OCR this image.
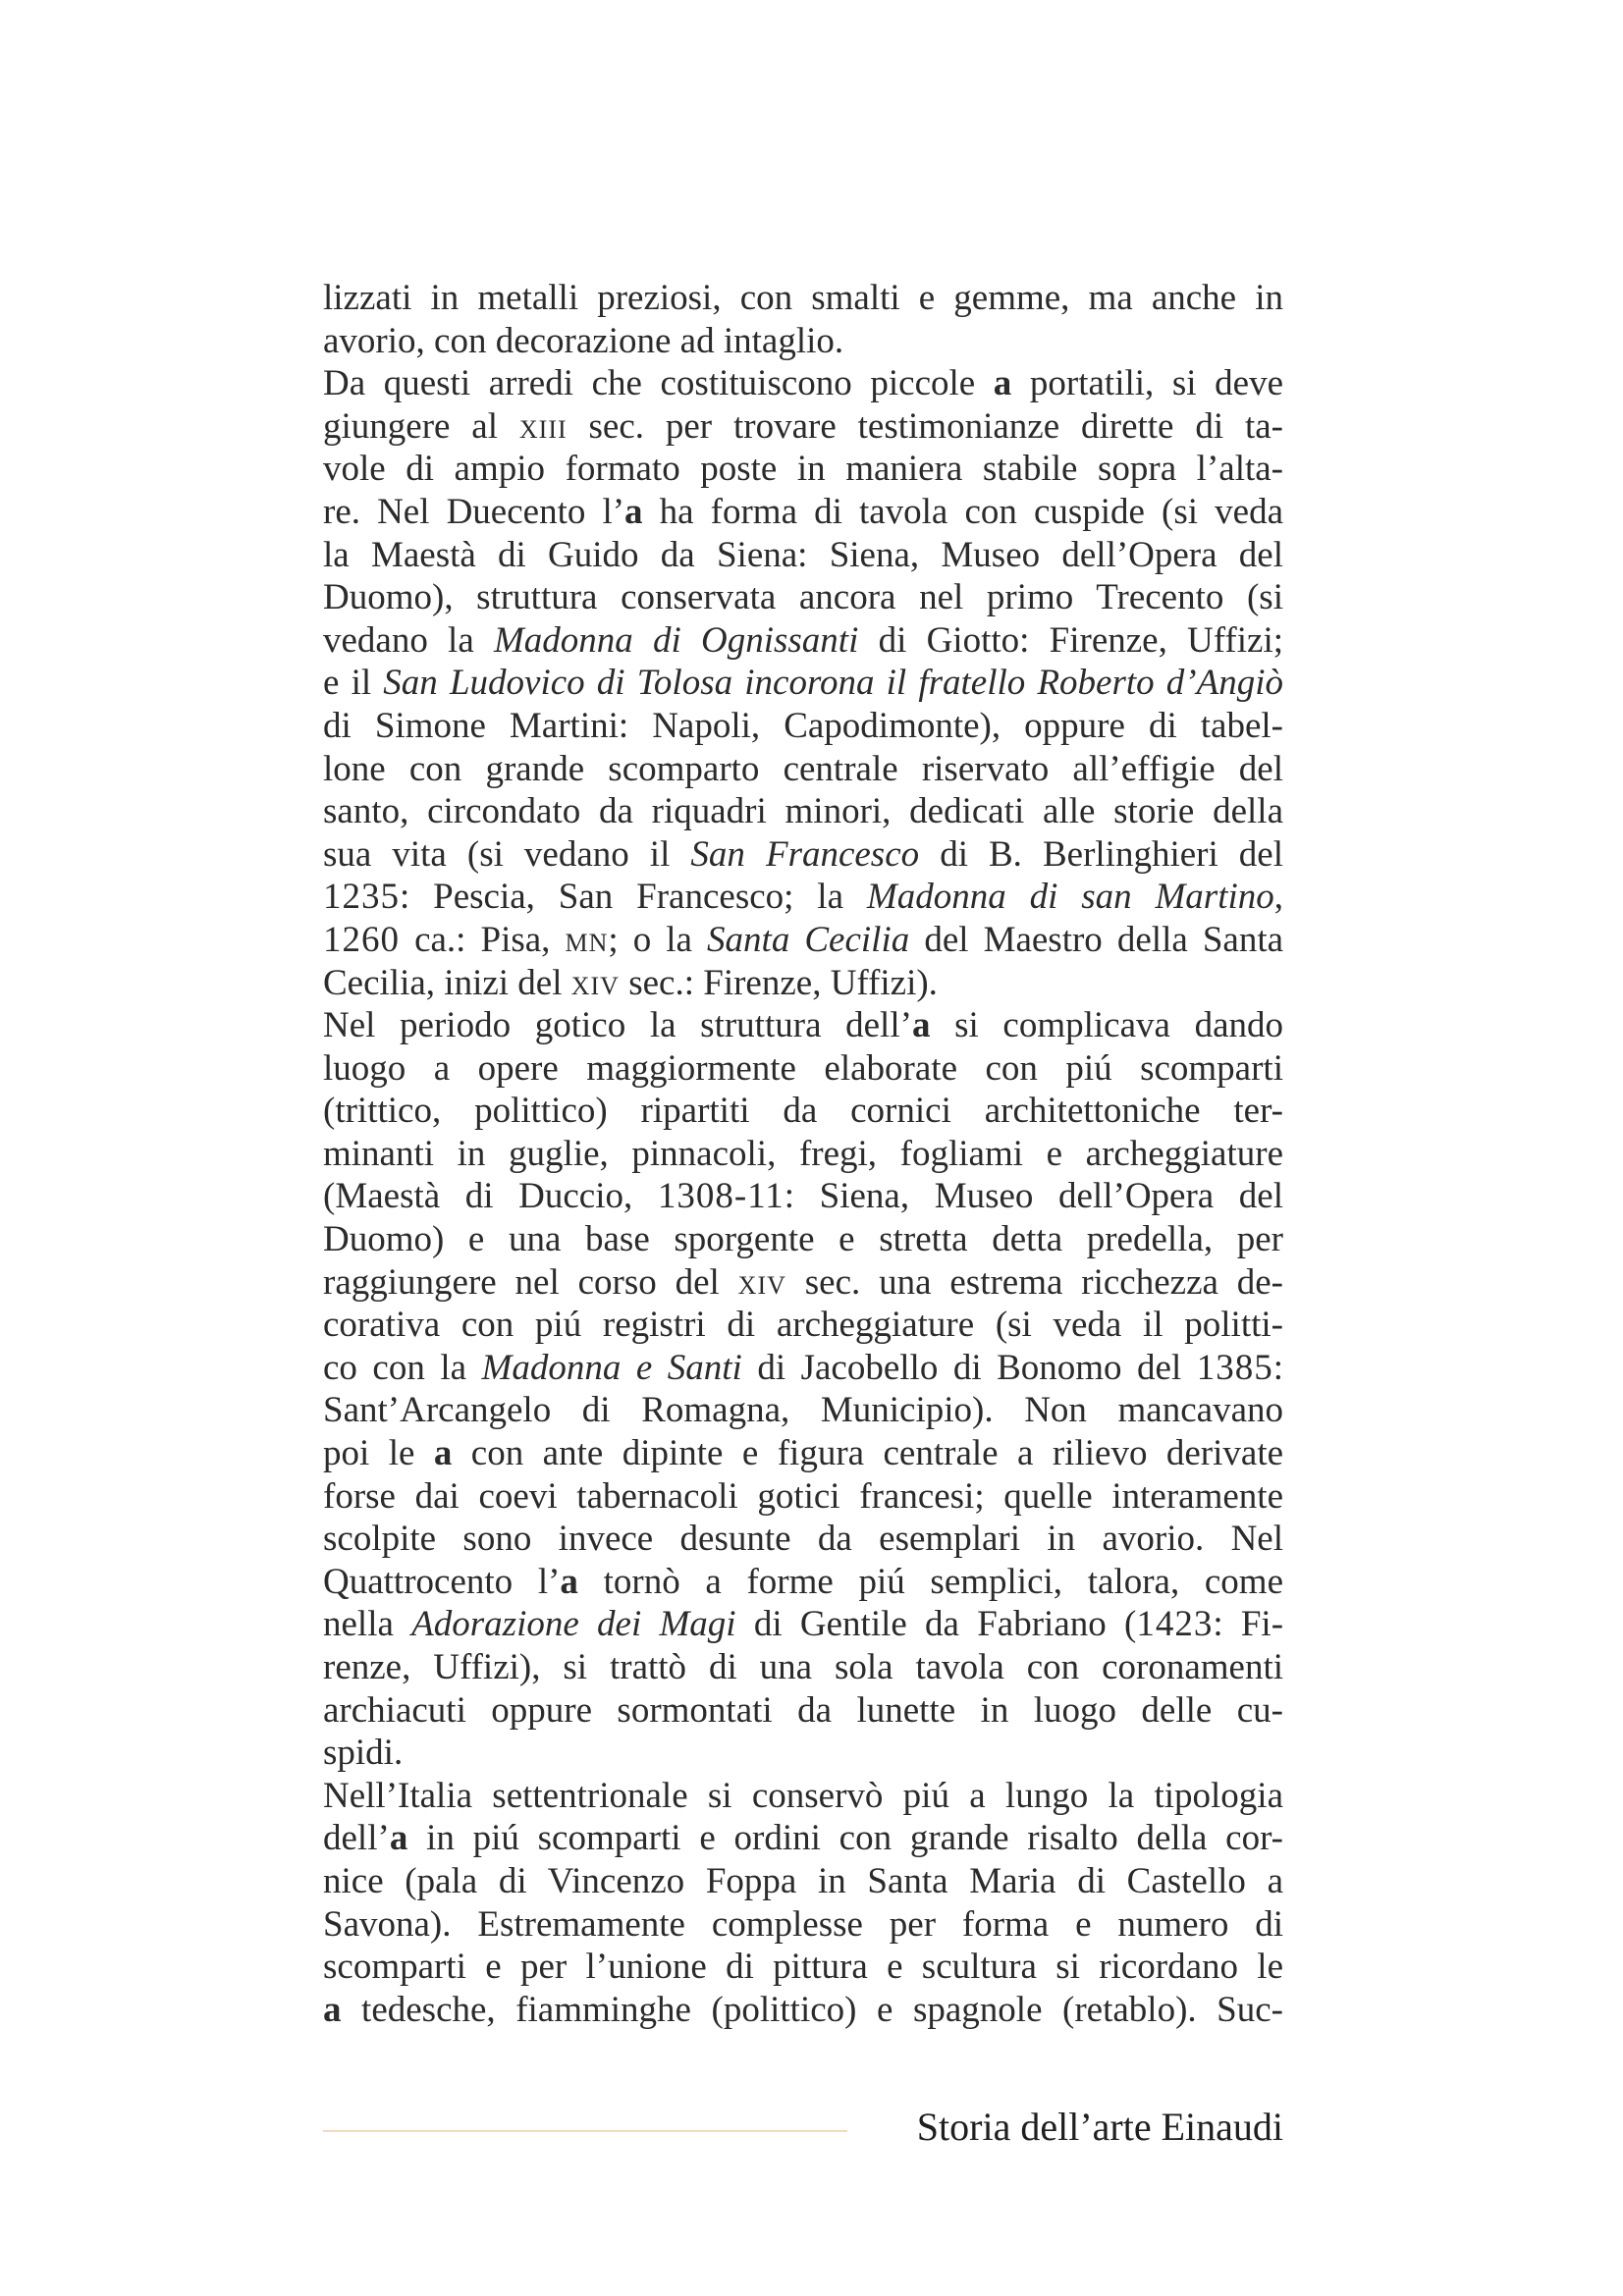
lizzati in metalli preziosi, con smalti e gemme, ma anche in
avorio, con decorazione ad intaglio.
Da questi arredi che costituiscono piccole a portatili, si deve
giungere al xiii sec. per trovare testimonianze dirette di ta-
vole di ampio formato poste in maniera stabile sopra l’alta-
re. Nel Duecento l’a ha forma di tavola con cuspide (si veda
la Maestà di Guido da Siena: Siena, Museo dell’Opera del
Duomo), struttura conservata ancora nel primo Trecento (si
vedano la Madonna di Ognissanti di Giotto: Firenze, Uffizi;
e il San Ludovico di Tolosa incorona il fratello Roberto d’Angiò
di Simone Martini: Napoli, Capodimonte), oppure di tabel-
lone con grande scomparto centrale riservato all’effigie del
santo, circondato da riquadri minori, dedicati alle storie della
sua vita (si vedano il San Francesco di B. Berlinghieri del
1235: Pescia, San Francesco; la Madonna di san Martino,
1260 ca.: Pisa, mn; o la Santa Cecilia del Maestro della Santa
Cecilia, inizi del xiv sec.: Firenze, Uffizi).
Nel periodo gotico la struttura dell’a si complicava dando
luogo a opere maggiormente elaborate con piú scomparti
(trittico, polittico) ripartiti da cornici architettoniche ter-
minanti in guglie, pinnacoli, fregi, fogliami e archeggiature
(Maestà di Duccio, 1308-11: Siena, Museo dell’Opera del
Duomo) e una base sporgente e stretta detta predella, per
raggiungere nel corso del xiv sec. una estrema ricchezza de-
corativa con piú registri di archeggiature (si veda il politti-
co con la Madonna e Santi di Jacobello di Bonomo del 1385:
Sant’Arcangelo di Romagna, Municipio). Non mancavano
poi le a con ante dipinte e figura centrale a rilievo derivate
forse dai coevi tabernacoli gotici francesi; quelle interamente
scolpite sono invece desunte da esemplari in avorio. Nel
Quattrocento l’a tornò a forme piú semplici, talora, come
nella Adorazione dei Magi di Gentile da Fabriano (1423: Fi-
renze, Uffizi), si trattò di una sola tavola con coronamenti
archiacuti oppure sormontati da lunette in luogo delle cu-
spidi.
Nell’Italia settentrionale si conservò piú a lungo la tipologia
dell’a in piú scomparti e ordini con grande risalto della cor-
nice (pala di Vincenzo Foppa in Santa Maria di Castello a
Savona). Estremamente complesse per forma e numero di
scomparti e per l’unione di pittura e scultura si ricordano le
a tedesche, fiamminghe (polittico) e spagnole (retablo). Suc-
Storia dell’arte Einaudi
